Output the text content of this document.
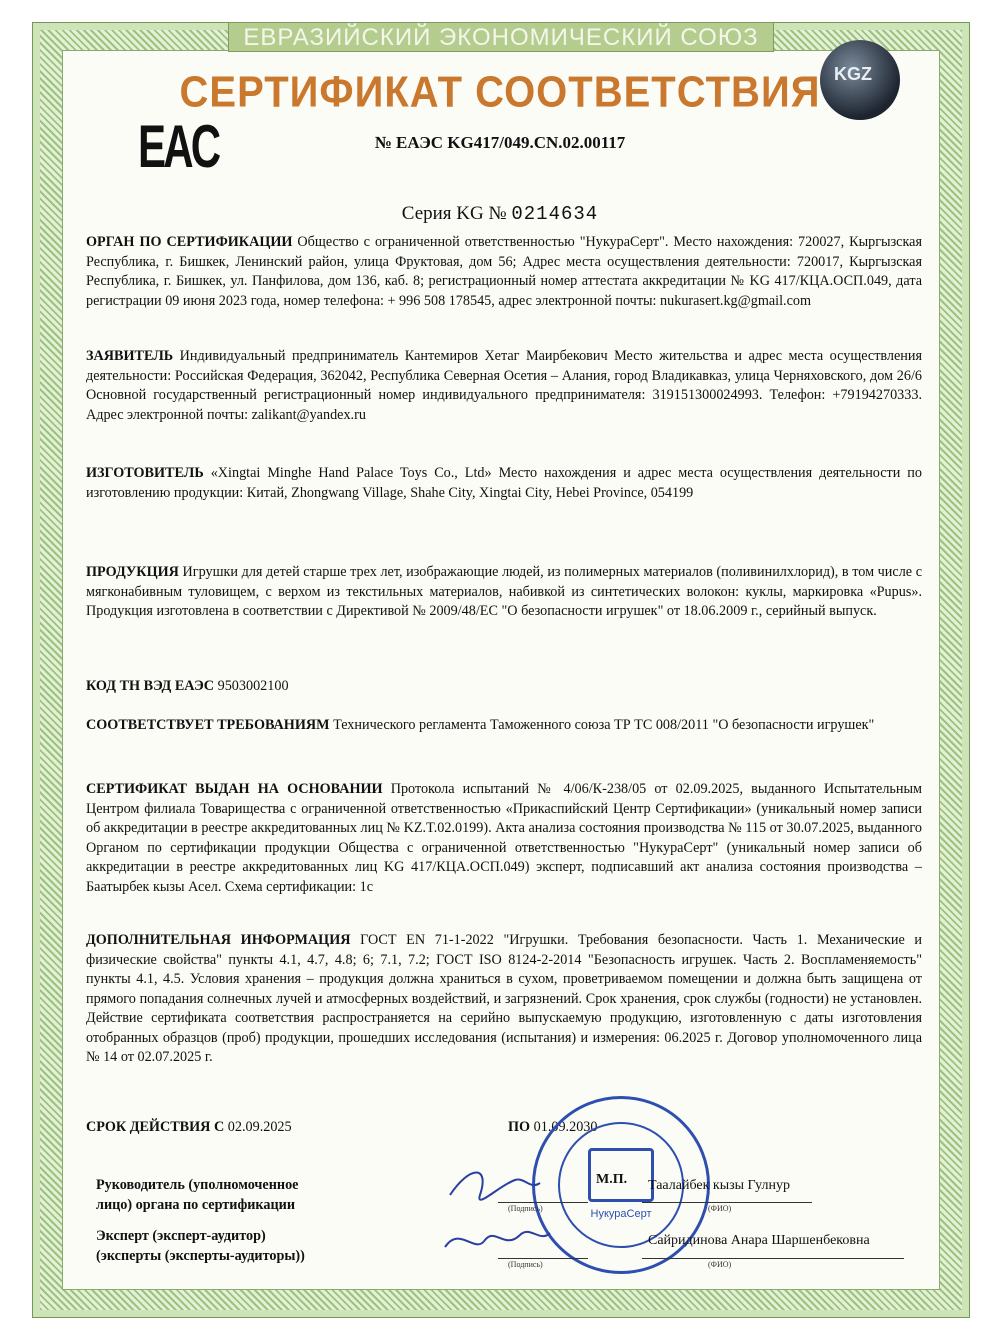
ЕВРАЗИЙСКИЙ ЭКОНОМИЧЕСКИЙ СОЮЗ
СЕРТИФИКАТ СООТВЕТСТВИЯ
EAC
KGZ
№ ЕАЭС KG417/049.CN.02.00117
Серия KG № 0214634

ОРГАН ПО СЕРТИФИКАЦИИ Общество с ограниченной ответственностью "НукураСерт". Место нахождения: 720027, Кыргызская Республика, г. Бишкек, Ленинский район, улица Фруктовая, дом 56; Адрес места осуществления деятельности: 720017, Кыргызская Республика, г. Бишкек, ул. Панфилова, дом 136, каб. 8; регистрационный номер аттестата аккредитации № KG 417/КЦА.ОСП.049, дата регистрации 09 июня 2023 года, номер телефона: + 996 508 178545, адрес электронной почты: nukurasert.kg@gmail.com

ЗАЯВИТЕЛЬ Индивидуальный предприниматель Кантемиров Хетаг Маирбекович Место жительства и адрес места осуществления деятельности: Российская Федерация, 362042, Республика Северная Осетия – Алания, город Владикавказ, улица Черняховского, дом 26/6 Основной государственный регистрационный номер индивидуального предпринимателя: 319151300024993. Телефон: +79194270333. Адрес электронной почты: zalikant@yandex.ru

ИЗГОТОВИТЕЛЬ «Xingtai Minghe Hand Palace Toys Co., Ltd» Место нахождения и адрес места осуществления деятельности по изготовлению продукции: Китай, Zhongwang Village, Shahe City, Xingtai City, Hebei Province, 054199

ПРОДУКЦИЯ Игрушки для детей старше трех лет, изображающие людей, из полимерных материалов (поливинилхлорид), в том числе с мягконабивным туловищем, с верхом из текстильных материалов, набивкой из синтетических волокон: куклы, маркировка «Pupus». Продукция изготовлена в соответствии с Директивой № 2009/48/ЕС "О безопасности игрушек" от 18.06.2009 г., серийный выпуск.

КОД ТН ВЭД ЕАЭС 9503002100

СООТВЕТСТВУЕТ ТРЕБОВАНИЯМ Технического регламента Таможенного союза ТР ТС 008/2011 "О безопасности игрушек"

СЕРТИФИКАТ ВЫДАН НА ОСНОВАНИИ Протокола испытаний № 4/06/К-238/05 от 02.09.2025, выданного Испытательным Центром филиала Товарищества с ограниченной ответственностью «Прикаспийский Центр Сертификации» (уникальный номер записи об аккредитации в реестре аккредитованных лиц № KZ.T.02.0199). Акта анализа состояния производства № 115 от 30.07.2025, выданного Органом по сертификации продукции Общества с ограниченной ответственностью "НукураСерт" (уникальный номер записи об аккредитации в реестре аккредитованных лиц KG 417/КЦА.ОСП.049) эксперт, подписавший акт анализа состояния производства – Баатырбек кызы Асел. Схема сертификации: 1с

ДОПОЛНИТЕЛЬНАЯ ИНФОРМАЦИЯ ГОСТ EN 71-1-2022 "Игрушки. Требования безопасности. Часть 1. Механические и физические свойства" пункты 4.1, 4.7, 4.8; 6; 7.1, 7.2; ГОСТ ISO 8124-2-2014 "Безопасность игрушек. Часть 2. Воспламеняемость" пункты 4.1, 4.5. Условия хранения – продукция должна храниться в сухом, проветриваемом помещении и должна быть защищена от прямого попадания солнечных лучей и атмосферных воздействий, и загрязнений. Срок хранения, срок службы (годности) не установлен. Действие сертификата соответствия распространяется на серийно выпускаемую продукцию, изготовленную с даты изготовления отобранных образцов (проб) продукции, прошедших исследования (испытания) и измерения: 06.2025 г. Договор уполномоченного лица № 14 от 02.07.2025 г.

СРОК ДЕЙСТВИЯ С 02.09.2025	ПО 01.09.2030
НукураСерт
Руководитель (уполномоченное
лицо) органа по сертификации
Эксперт (эксперт-аудитор)
(эксперты (эксперты-аудиторы))
М.П.
(Подпись)
Таалайбек кызы Гулнур
(ФИО)
(Подпись)
Сайридинова Анара Шаршенбековна
(ФИО)
